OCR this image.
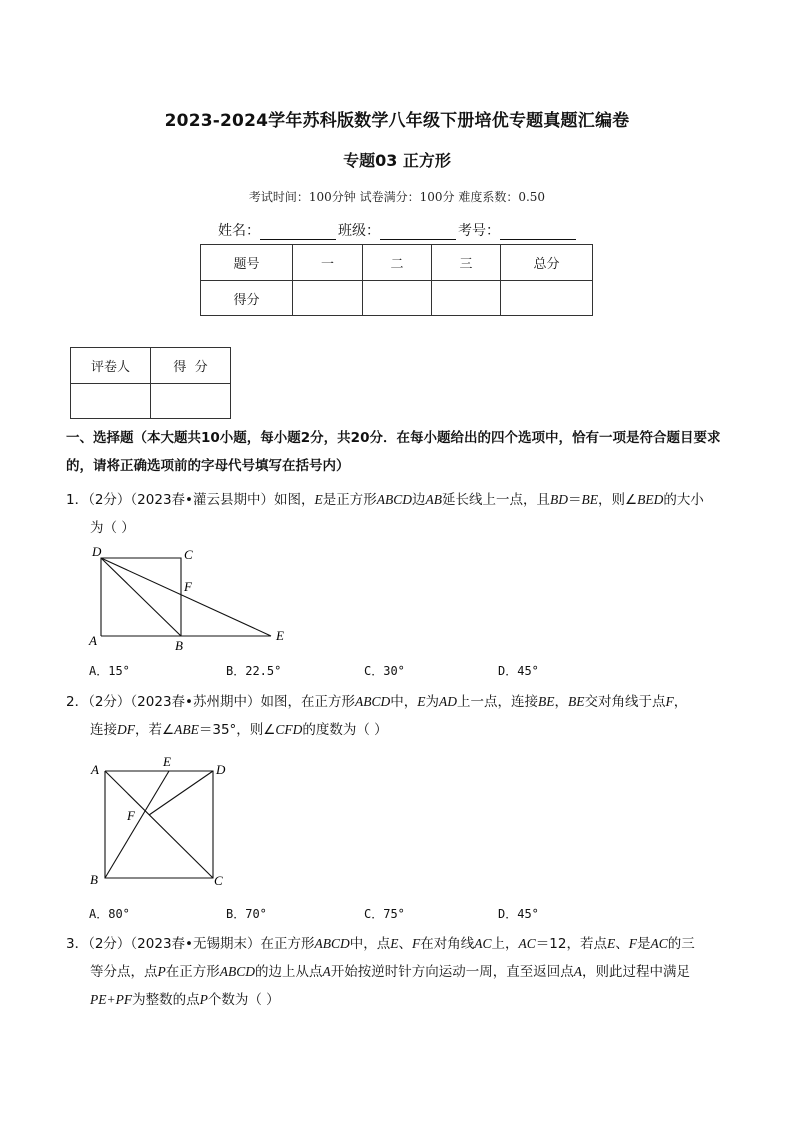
2023-2024学年苏科版数学八年级下册培优专题真题汇编卷
专题03 正方形
考试时间：100分钟 试卷满分：100分 难度系数：0.50
姓名：	班级：	考号：
题号	一	二	三	总分
得分				
评卷人	得  分

一、选择题（本大题共10小题，每小题2分，共20分．在每小题给出的四个选项中，恰有一项是符合题目要求的，请将正确选项前的字母代号填写在括号内）
1．（2分）（2023春•灌云县期中）如图，E是正方形ABCD边AB延长线上一点，且BD＝BE，则∠BED的大小
为（ ）
D	C
F
A	B
E
A．15°	B．22.5°	C．30°	D．45°
2．（2分）（2023春•苏州期中）如图，在正方形ABCD中，E为AD上一点，连接BE，BE交对角线于点F，
连接DF，若∠ABE＝35°，则∠CFD的度数为（ ）
A
E
D
F
B	C
A．80°	B．70°	C．75°	D．45°
3．（2分）（2023春•无锡期末）在正方形ABCD中，点E、F在对角线AC上，AC＝12，若点E、F是AC的三
等分点，点P在正方形ABCD的边上从点A开始按逆时针方向运动一周，直至返回点A，则此过程中满足
PE+PF为整数的点P个数为（ ）
